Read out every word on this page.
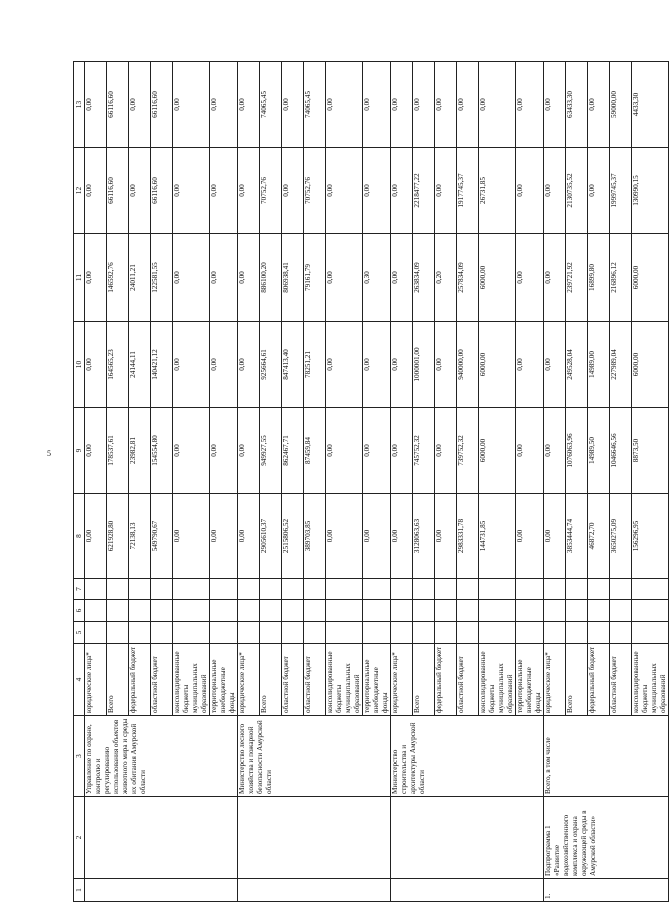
5
1	2	3	4	5	6	7	8	9	10	11	12	13
		Управление по охране, контролю и регулированию использования объектов животного мира и среды их обитания Амурской области	юридические лица*				0,00	0,00	0,00	0,00	0,00	0,00
			Всего				621928,80	178537,61	164565,23	146592,76	66116,60	66116,60
			федеральный бюджет				72138,13	23982,81	24144,11	24011,21	0,00	0,00
			областной бюджет				549790,67	154554,80	140421,12	122581,55	66116,60	66116,60
			консолидированные бюджеты муниципальных образований				0,00	0,00	0,00	0,00	0,00	0,00
			территориальные внебюджетные фонды				0,00	0,00	0,00	0,00	0,00	0,00
		Министерство лесного хозяйства и пожарной безопасности Амурской области	юридические лица*				0,00	0,00	0,00	0,00	0,00	0,00
			Всего				2905610,37	949927,55	925664,61	886100,20	70752,76	74065,45
			областной бюджет				2515806,52	862467,71	847413,40	806938,41	0,00	0,00
			областной бюджет				389703,85	87459,84	78251,21	79161,79	70752,76	74065,45
			консолидированные бюджеты муниципальных образований				0,00	0,00	0,00	0,00	0,00	0,00
			территориальные внебюджетные фонды				0,00	0,00	0,00	0,30	0,00	0,00
		Министерство строительства и архитектуры Амурской области	юридические лица*				0,00	0,00	0,00	0,00	0,00	0,00
			Всего				3128063,63	745752,32	1000001,00	263834,09	2218477,22	0,00
			федеральный бюджет				0,00	0,00	0,00	0,20	0,00	0,00
			областной бюджет				2983331,78	739752,32	940000,00	257834,09	1917745,37	0,00
			консолидированные бюджеты муниципальных образований				144731,85	6000,00	6000,00	6000,00	26731,85	0,00
			территориальные внебюджетные фонды				0,00	0,00	0,00	0,00	0,00	0,00
1.	Подпрограмма 1 «Развитие водохозяйственного комплекса и охрана окружающей среды в Амурской области»	Всего, в том числе	юридические лица*				0,00	0,00	0,00	0,00	0,00	0,00
			Всего				3853444,74	1076063,96	249528,04	239721,92	2130735,52	63433,30
			федеральный бюджет				46872,70	14989,50	14989,00	16899,80	0,00	0,00
			областной бюджет				3650275,09	1046646,56	227989,04	216896,12	1999745,37	59000,00
			консолидированные бюджеты муниципальных образований				156296,95	8873,50	6000,00	6000,00	130990,15	4433,30
